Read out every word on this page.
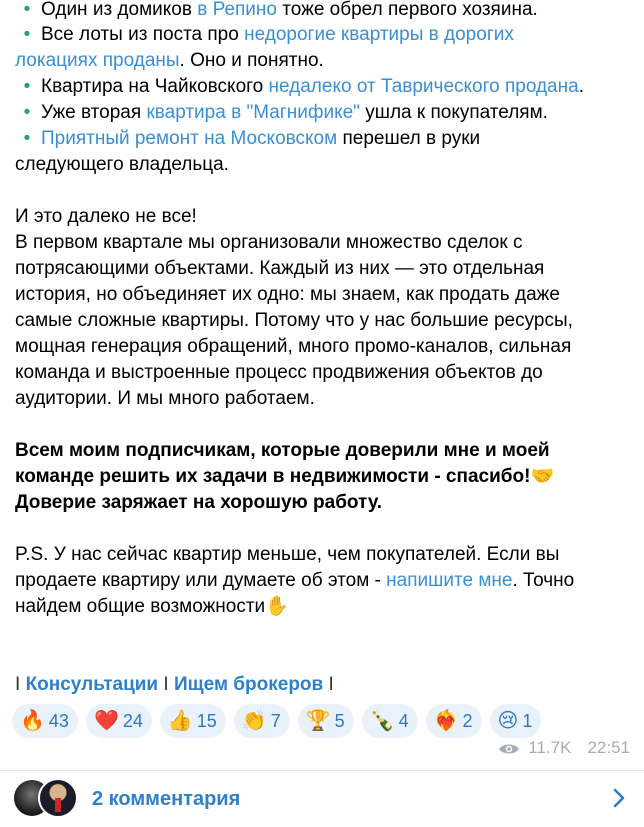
• Один из домиков в Репино тоже обрел первого хозяина.
• Все лоты из поста про недорогие квартиры в дорогих
локациях проданы. Оно и понятно.
• Квартира на Чайковского недалеко от Таврического продана.
• Уже вторая квартира в "Магнифике" ушла к покупателям.
• Приятный ремонт на Московском перешел в руки
следующего владельца.
И это далеко не все!
В первом квартале мы организовали множество сделок с
потрясающими объектами. Каждый из них — это отдельная
история, но объединяет их одно: мы знаем, как продать даже
самые сложные квартиры. Потому что у нас большие ресурсы,
мощная генерация обращений, много промо-каналов, сильная
команда и выстроенные процесс продвижения объектов до
аудитории. И мы много работаем.
Всем моим подписчикам, которые доверили мне и моей
команде решить их задачи в недвижимости - спасибо!🤝
Доверие заряжает на хорошую работу.
P.S. У нас сейчас квартир меньше, чем покупателей. Если вы
продаете квартиру или думаете об этом - напишите мне. Точно
найдем общие возможности✋
I Консультации I Ищем брокеров I
🔥 43 ❤️ 24 👍 15 👏 7 🏆 5 🍾 4 ❤️‍🔥 2 😢 1
11.7K 22:51
2 комментария
